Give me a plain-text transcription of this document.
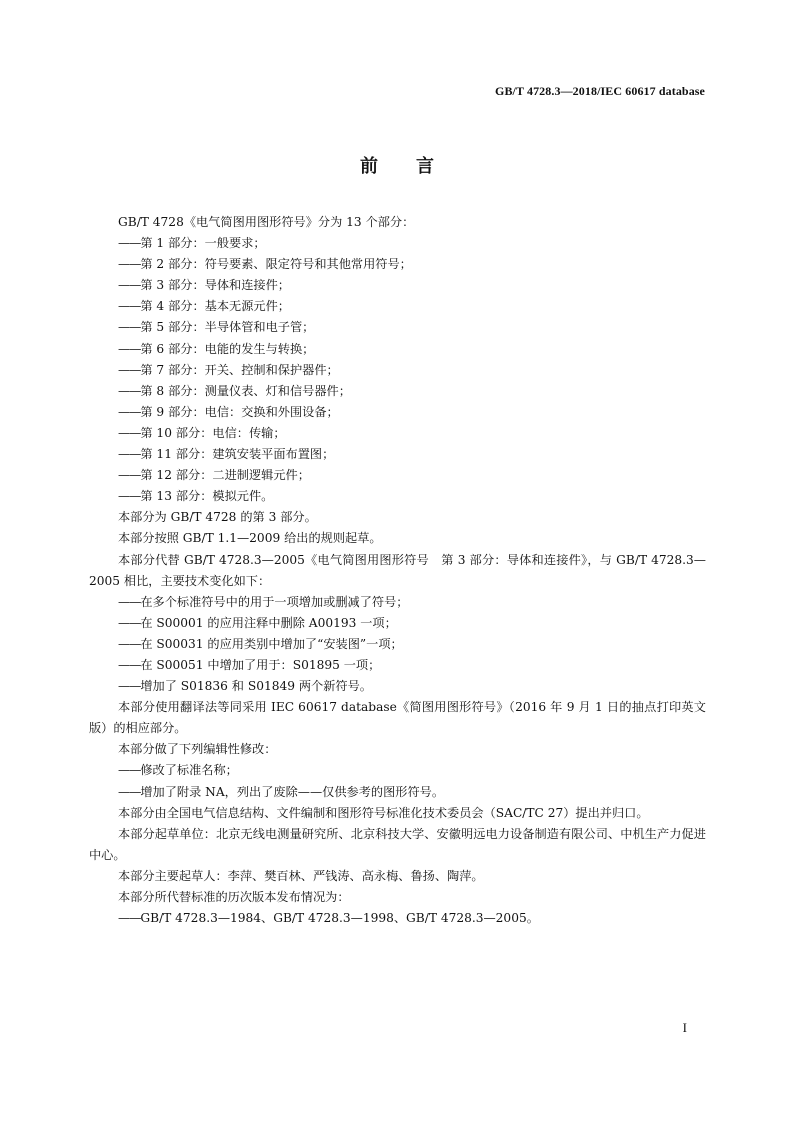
GB/T 4728.3—2018/IEC 60617 database
前言

GB/T 4728《电气简图用图形符号》分为 13 个部分：

——第 1 部分：一般要求；

——第 2 部分：符号要素、限定符号和其他常用符号；

——第 3 部分：导体和连接件；

——第 4 部分：基本无源元件；

——第 5 部分：半导体管和电子管；

——第 6 部分：电能的发生与转换；

——第 7 部分：开关、控制和保护器件；

——第 8 部分：测量仪表、灯和信号器件；

——第 9 部分：电信：交换和外围设备；

——第 10 部分：电信：传输；

——第 11 部分：建筑安装平面布置图；

——第 12 部分：二进制逻辑元件；

——第 13 部分：模拟元件。

本部分为 GB/T 4728 的第 3 部分。

本部分按照 GB/T 1.1—2009 给出的规则起草。

本部分代替 GB/T 4728.3—2005《电气简图用图形符号　第 3 部分：导体和连接件》，与 GB/T 4728.3—2005 相比，主要技术变化如下：

——在多个标准符号中的用于一项增加或删减了符号；

——在 S00001 的应用注释中删除 A00193 一项；

——在 S00031 的应用类别中增加了“安装图”一项；

——在 S00051 中增加了用于：S01895 一项；

——增加了 S01836 和 S01849 两个新符号。

本部分使用翻译法等同采用 IEC 60617 database《简图用图形符号》（2016 年 9 月 1 日的抽点打印英文版）的相应部分。

本部分做了下列编辑性修改：

——修改了标准名称；

——增加了附录 NA，列出了废除——仅供参考的图形符号。

本部分由全国电气信息结构、文件编制和图形符号标准化技术委员会（SAC/TC 27）提出并归口。

本部分起草单位：北京无线电测量研究所、北京科技大学、安徽明远电力设备制造有限公司、中机生产力促进中心。

本部分主要起草人：李萍、樊百林、严钱涛、高永梅、鲁扬、陶萍。

本部分所代替标准的历次版本发布情况为：

——GB/T 4728.3—1984、GB/T 4728.3—1998、GB/T 4728.3—2005。

I
